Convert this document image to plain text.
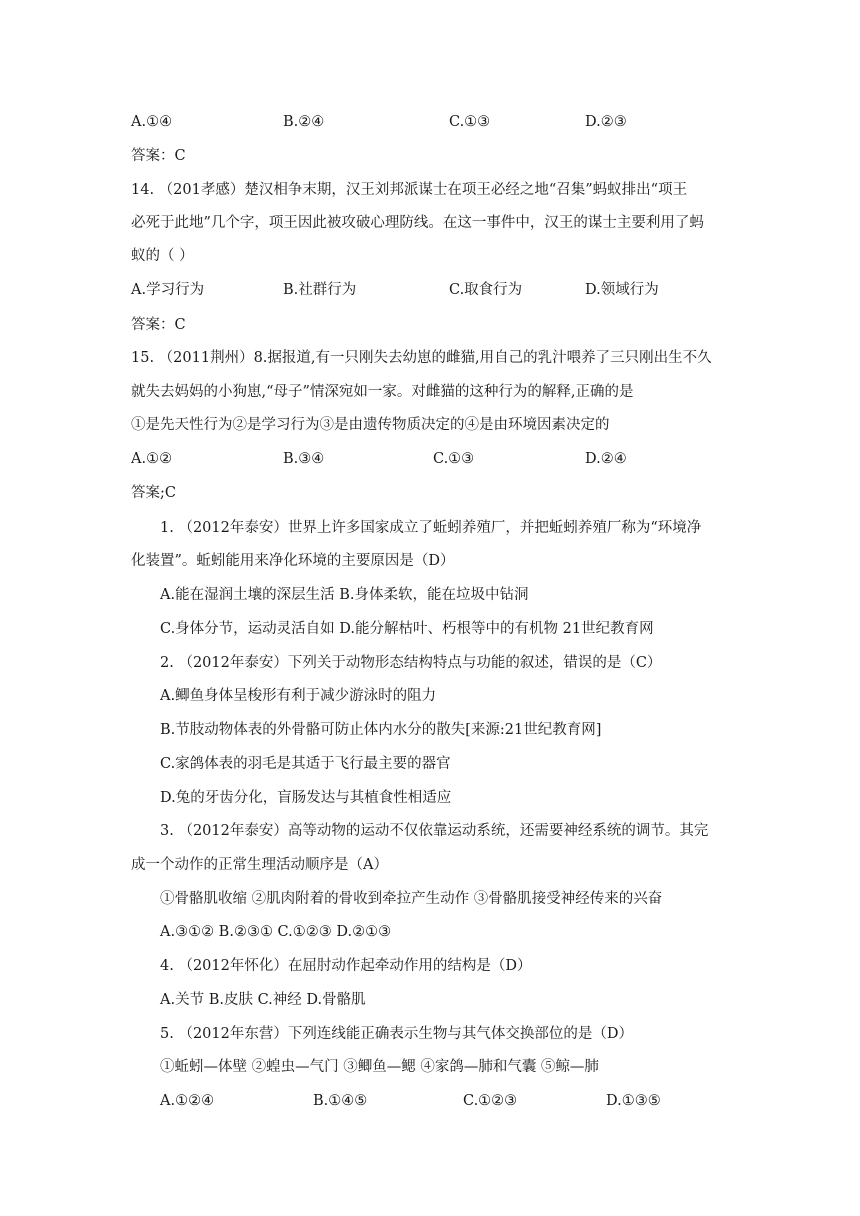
A.①④	B.②④	C.①③	D.②③
答案：C
14. （201孝感）楚汉相争末期，汉王刘邦派谋士在项王必经之地“召集”蚂蚁排出“项王
必死于此地”几个字，项王因此被攻破心理防线。在这一事件中，汉王的谋士主要利用了蚂
蚁的（ ）
A.学习行为	B.社群行为	C.取食行为	D.领域行为
答案：C
15. （2011荆州）8.据报道,有一只刚失去幼崽的雌猫,用自己的乳汁喂养了三只刚出生不久
就失去妈妈的小狗崽,“母子”情深宛如一家。对雌猫的这种行为的解释,正确的是
①是先天性行为②是学习行为③是由遗传物质决定的④是由环境因素决定的
A.①②	B.③④	C.①③	D.②④
答案;C
1. （2012年泰安）世界上许多国家成立了蚯蚓养殖厂，并把蚯蚓养殖厂称为“环境净
化装置”。蚯蚓能用来净化环境的主要原因是（D）
A.能在湿润土壤的深层生活 B.身体柔软，能在垃圾中钻洞
C.身体分节，运动灵活自如 D.能分解枯叶、朽根等中的有机物 21世纪教育网
2. （2012年泰安）下列关于动物形态结构特点与功能的叙述，错误的是（C）
A.鲫鱼身体呈梭形有利于减少游泳时的阻力
B.节肢动物体表的外骨骼可防止体内水分的散失[来源:21世纪教育网]
C.家鸽体表的羽毛是其适于飞行最主要的器官
D.兔的牙齿分化，盲肠发达与其植食性相适应
3. （2012年泰安）高等动物的运动不仅依靠运动系统，还需要神经系统的调节。其完
成一个动作的正常生理活动顺序是（A）
①骨骼肌收缩 ②肌肉附着的骨收到牵拉产生动作 ③骨骼肌接受神经传来的兴奋
A.③①② B.②③① C.①②③ D.②①③
4. （2012年怀化）在屈肘动作起牵动作用的结构是（D）
A.关节 B.皮肤 C.神经 D.骨骼肌
5. （2012年东营）下列连线能正确表示生物与其气体交换部位的是（D）
①蚯蚓—体壁 ②蝗虫—气门 ③鲫鱼—鳃 ④家鸽—肺和气囊 ⑤鲸—肺
A.①②④	B.①④⑤	C.①②③	D.①③⑤
